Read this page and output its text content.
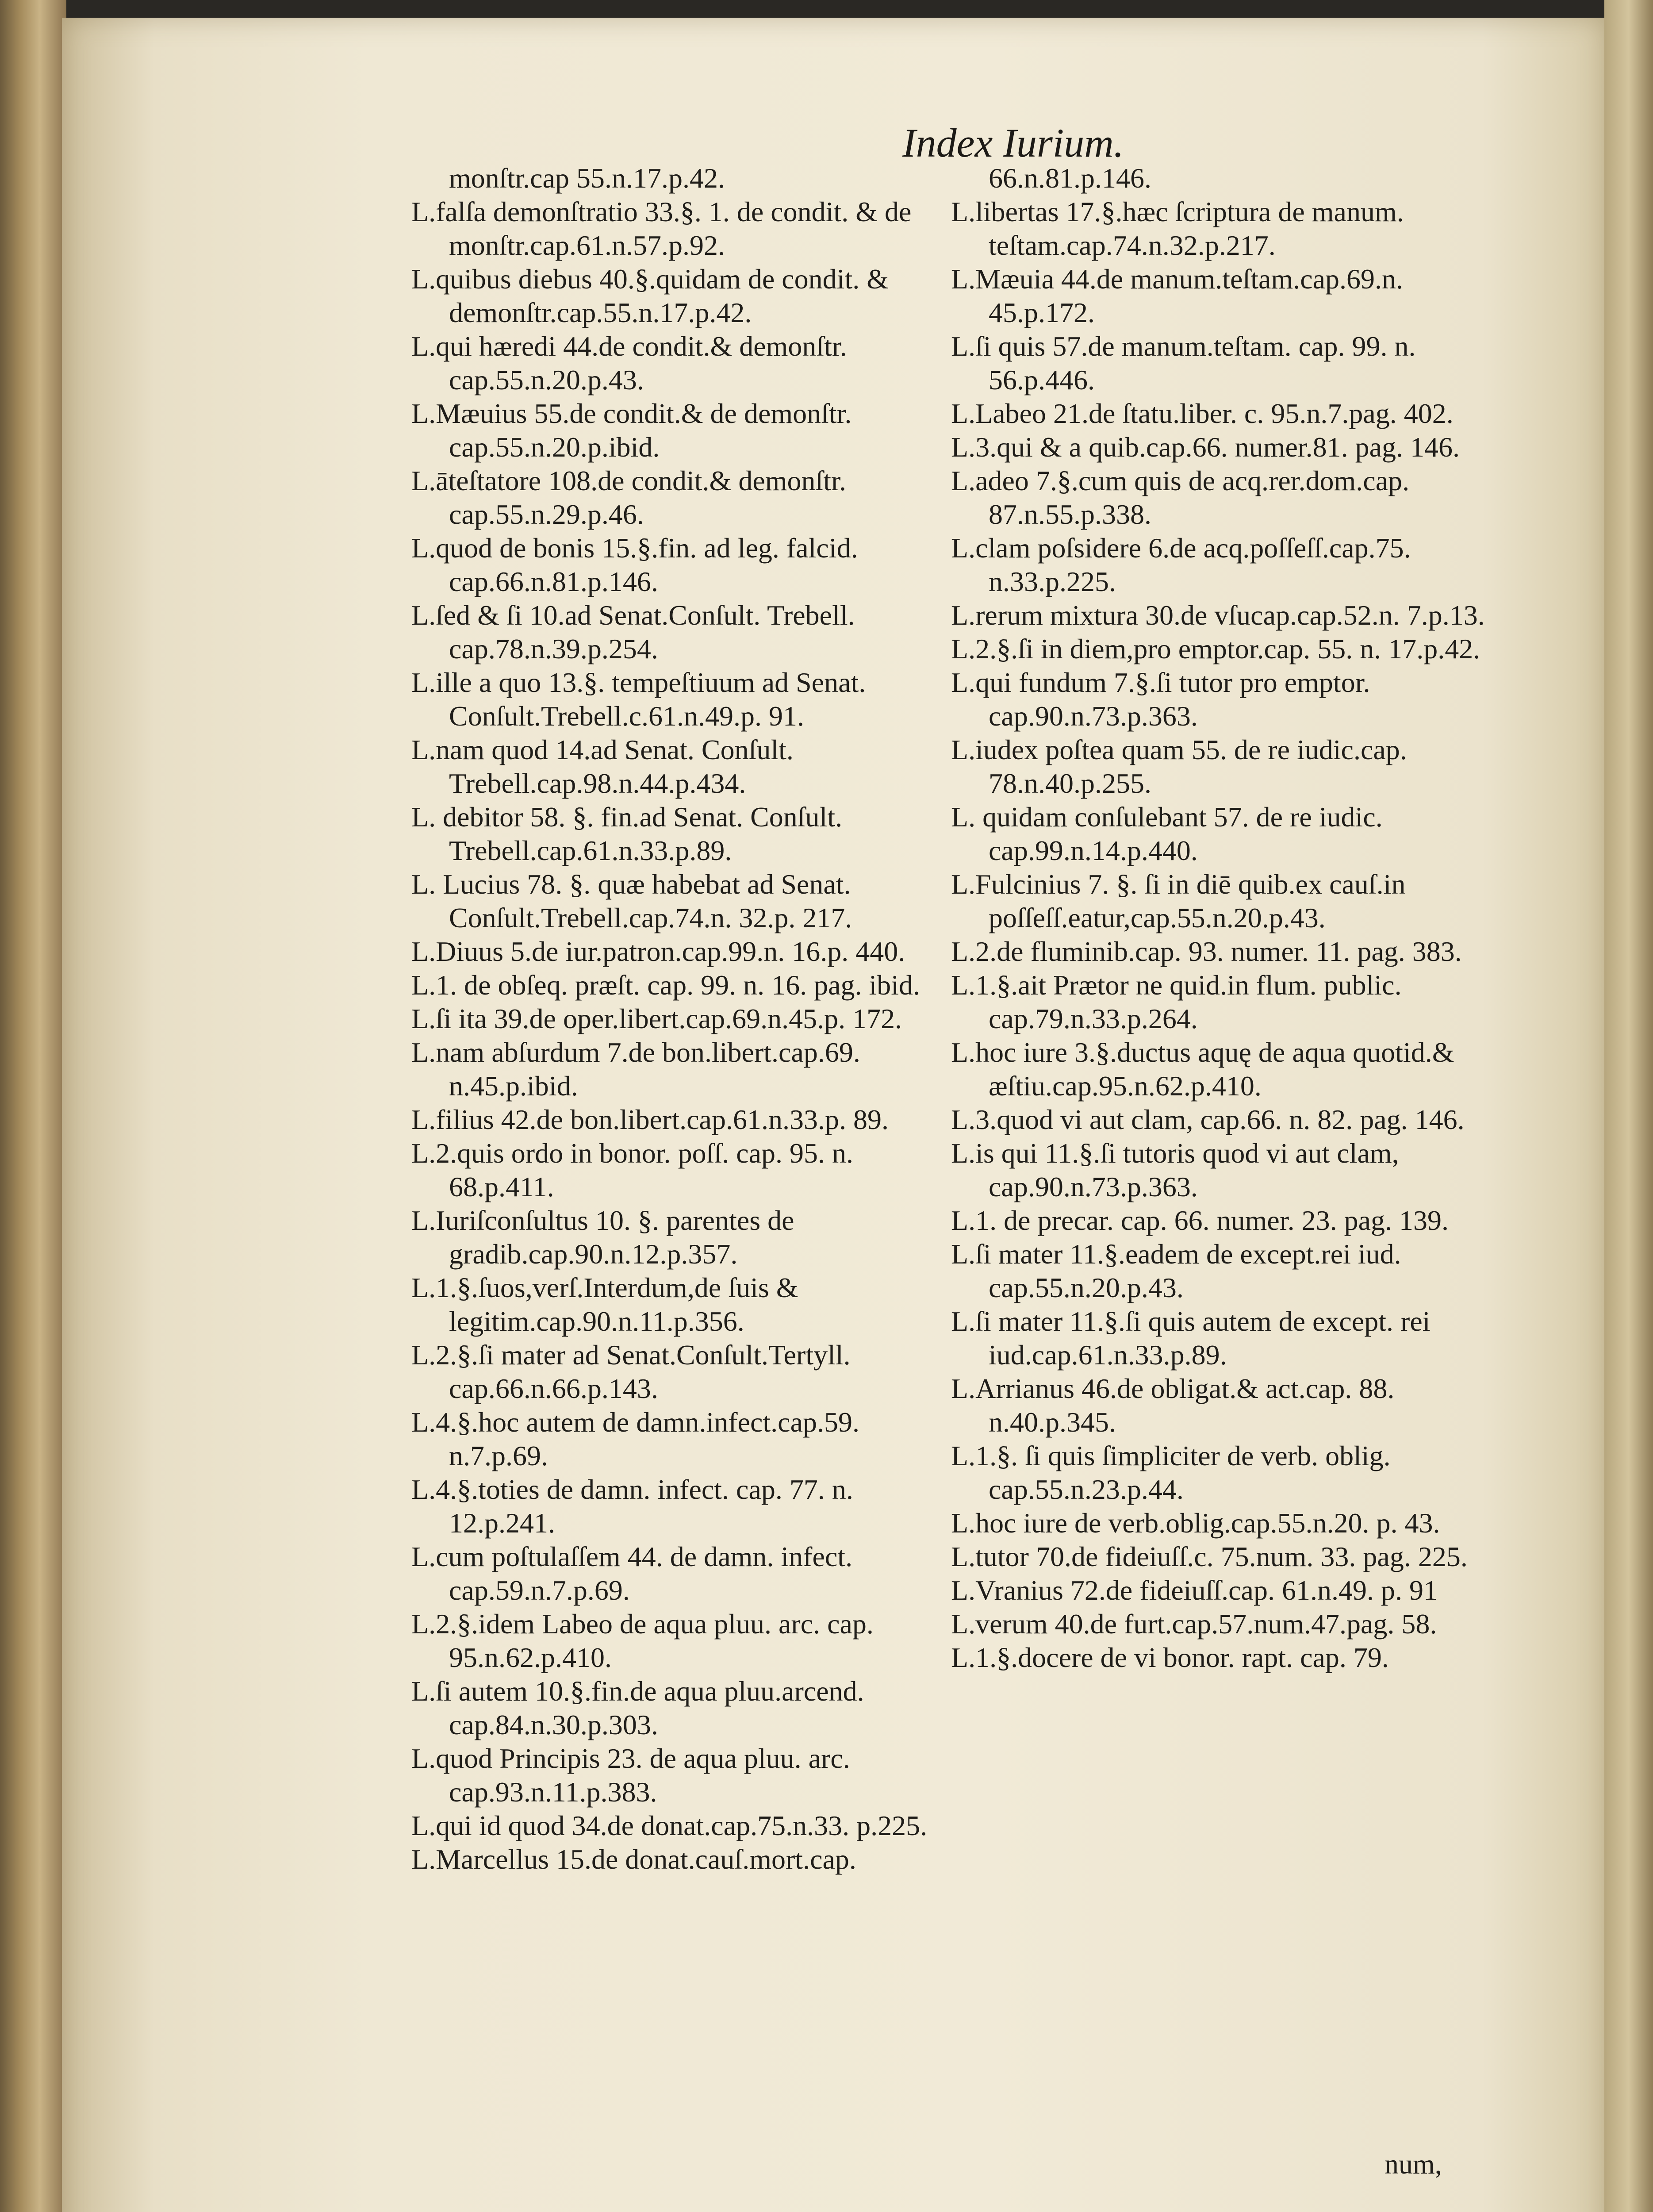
Index Iurium.

monſtr.cap 55.n.17.p.42.

L.falſa demonſtratio 33.§. 1. de condit. & de monſtr.cap.61.n.57.p.92.

L.quibus diebus 40.§.quidam de condit. & demonſtr.cap.55.n.17.p.42.

L.qui hæredi 44.de condit.& demonſtr. cap.55.n.20.p.43.

L.Mæuius 55.de condit.& de demonſtr. cap.55.n.20.p.ibid.

L.āteſtatore 108.de condit.& demonſtr. cap.55.n.29.p.46.

L.quod de bonis 15.§.fin. ad leg. falcid. cap.66.n.81.p.146.

L.ſed & ſi 10.ad Senat.Conſult. Trebell. cap.78.n.39.p.254.

L.ille a quo 13.§. tempeſtiuum ad Senat. Conſult.Trebell.c.61.n.49.p. 91.

L.nam quod 14.ad Senat. Conſult. Trebell.cap.98.n.44.p.434.

L. debitor 58. §. fin.ad Senat. Conſult. Trebell.cap.61.n.33.p.89.

L. Lucius 78. §. quæ habebat ad Senat. Conſult.Trebell.cap.74.n. 32.p. 217.

L.Diuus 5.de iur.patron.cap.99.n. 16.p. 440.

L.1. de obſeq. præſt. cap. 99. n. 16. pag. ibid.

L.ſi ita 39.de oper.libert.cap.69.n.45.p. 172.

L.nam abſurdum 7.de bon.libert.cap.69. n.45.p.ibid.

L.filius 42.de bon.libert.cap.61.n.33.p. 89.

L.2.quis ordo in bonor. poſſ. cap. 95. n. 68.p.411.

L.Iuriſconſultus 10. §. parentes de gradib.cap.90.n.12.p.357.

L.1.§.ſuos,verſ.Interdum,de ſuis & legitim.cap.90.n.11.p.356.

L.2.§.ſi mater ad Senat.Conſult.Tertyll. cap.66.n.66.p.143.

L.4.§.hoc autem de damn.infect.cap.59. n.7.p.69.

L.4.§.toties de damn. infect. cap. 77. n. 12.p.241.

L.cum poſtulaſſem 44. de damn. infect. cap.59.n.7.p.69.

L.2.§.idem Labeo de aqua pluu. arc. cap. 95.n.62.p.410.

L.ſi autem 10.§.fin.de aqua pluu.arcend. cap.84.n.30.p.303.

L.quod Principis 23. de aqua pluu. arc. cap.93.n.11.p.383.

L.qui id quod 34.de donat.cap.75.n.33. p.225.

L.Marcellus 15.de donat.cauſ.mort.cap.

66.n.81.p.146.

L.libertas 17.§.hæc ſcriptura de manum. teſtam.cap.74.n.32.p.217.

L.Mæuia 44.de manum.teſtam.cap.69.n. 45.p.172.

L.ſi quis 57.de manum.teſtam. cap. 99. n. 56.p.446.

L.Labeo 21.de ſtatu.liber. c. 95.n.7.pag. 402.

L.3.qui & a quib.cap.66. numer.81. pag. 146.

L.adeo 7.§.cum quis de acq.rer.dom.cap. 87.n.55.p.338.

L.clam poſsidere 6.de acq.poſſeſſ.cap.75. n.33.p.225.

L.rerum mixtura 30.de vſucap.cap.52.n. 7.p.13.

L.2.§.ſi in diem,pro emptor.cap. 55. n. 17.p.42.

L.qui fundum 7.§.ſi tutor pro emptor. cap.90.n.73.p.363.

L.iudex poſtea quam 55. de re iudic.cap. 78.n.40.p.255.

L. quidam conſulebant 57. de re iudic. cap.99.n.14.p.440.

L.Fulcinius 7. §. ſi in diē quib.ex cauſ.in poſſeſſ.eatur,cap.55.n.20.p.43.

L.2.de fluminib.cap. 93. numer. 11. pag. 383.

L.1.§.ait Prætor ne quid.in flum. public. cap.79.n.33.p.264.

L.hoc iure 3.§.ductus aquę de aqua quotid.& æſtiu.cap.95.n.62.p.410.

L.3.quod vi aut clam, cap.66. n. 82. pag. 146.

L.is qui 11.§.ſi tutoris quod vi aut clam, cap.90.n.73.p.363.

L.1. de precar. cap. 66. numer. 23. pag. 139.

L.ſi mater 11.§.eadem de except.rei iud. cap.55.n.20.p.43.

L.ſi mater 11.§.ſi quis autem de except. rei iud.cap.61.n.33.p.89.

L.Arrianus 46.de obligat.& act.cap. 88. n.40.p.345.

L.1.§. ſi quis ſimpliciter de verb. oblig. cap.55.n.23.p.44.

L.hoc iure de verb.oblig.cap.55.n.20. p. 43.

L.tutor 70.de fideiuſſ.c. 75.num. 33. pag. 225.

L.Vranius 72.de fideiuſſ.cap. 61.n.49. p. 91

L.verum 40.de furt.cap.57.num.47.pag. 58.

L.1.§.docere de vi bonor. rapt. cap. 79.

num,
